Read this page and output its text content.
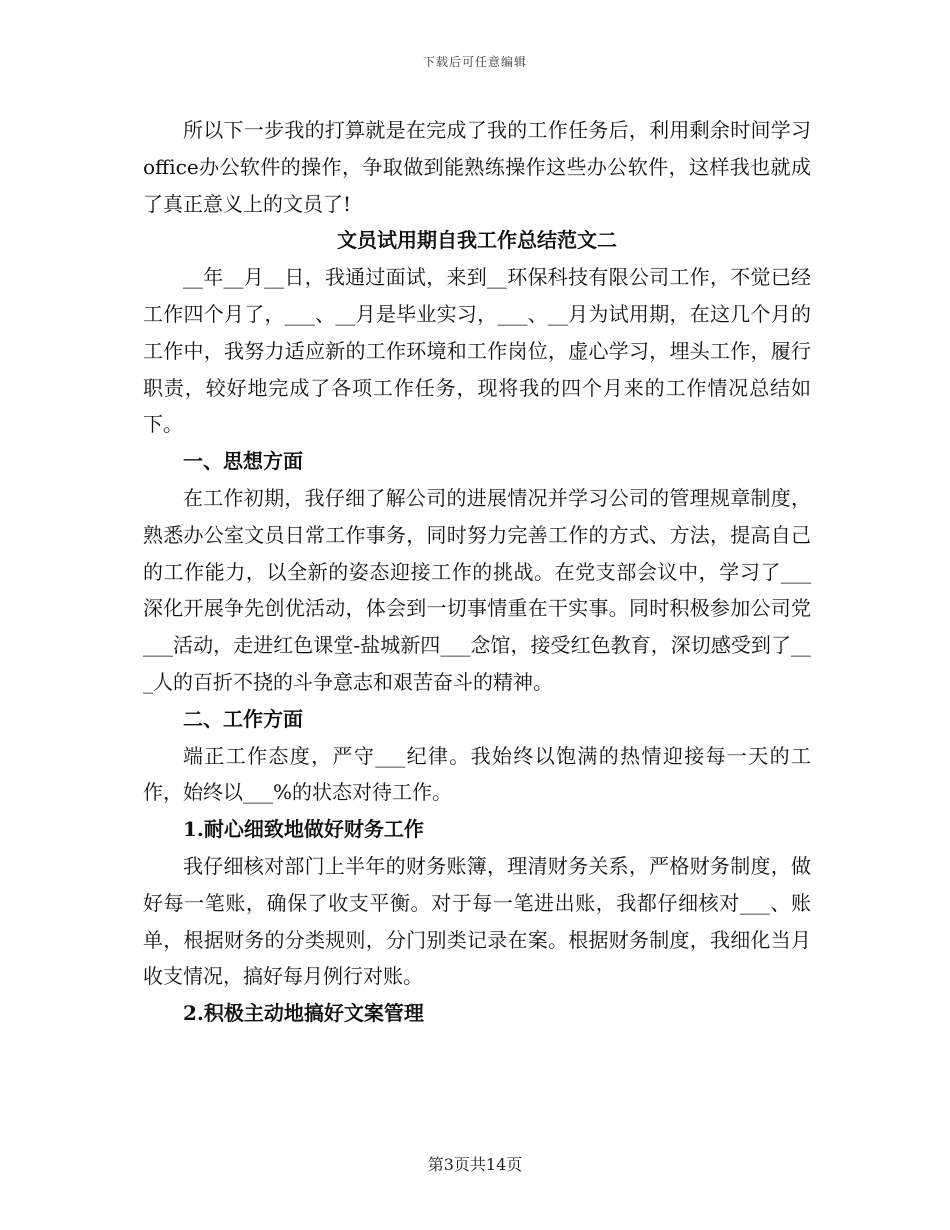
下载后可任意编辑

所以下一步我的打算就是在完成了我的工作任务后，利用剩余时间学习office办公软件的操作，争取做到能熟练操作这些办公软件，这样我也就成了真正意义上的文员了!

文员试用期自我工作总结范文二

__年__月__日，我通过面试，来到__环保科技有限公司工作，不觉已经工作四个月了，___、__月是毕业实习，___、__月为试用期，在这几个月的工作中，我努力适应新的工作环境和工作岗位，虚心学习，埋头工作，履行职责，较好地完成了各项工作任务，现将我的四个月来的工作情况总结如下。

一、思想方面

在工作初期，我仔细了解公司的进展情况并学习公司的管理规章制度，熟悉办公室文员日常工作事务，同时努力完善工作的方式、方法，提高自己的工作能力，以全新的姿态迎接工作的挑战。在党支部会议中，学习了___深化开展争先创优活动，体会到一切事情重在干实事。同时积极参加公司党___活动，走进红色课堂-盐城新四___念馆，接受红色教育，深切感受到了___人的百折不挠的斗争意志和艰苦奋斗的精神。

二、工作方面

端正工作态度，严守___纪律。我始终以饱满的热情迎接每一天的工作，始终以___%的状态对待工作。

1.耐心细致地做好财务工作

我仔细核对部门上半年的财务账簿，理清财务关系，严格财务制度，做好每一笔账，确保了收支平衡。对于每一笔进出账，我都仔细核对___、账单，根据财务的分类规则，分门别类记录在案。根据财务制度，我细化当月收支情况，搞好每月例行对账。

2.积极主动地搞好文案管理

第3页共14页
